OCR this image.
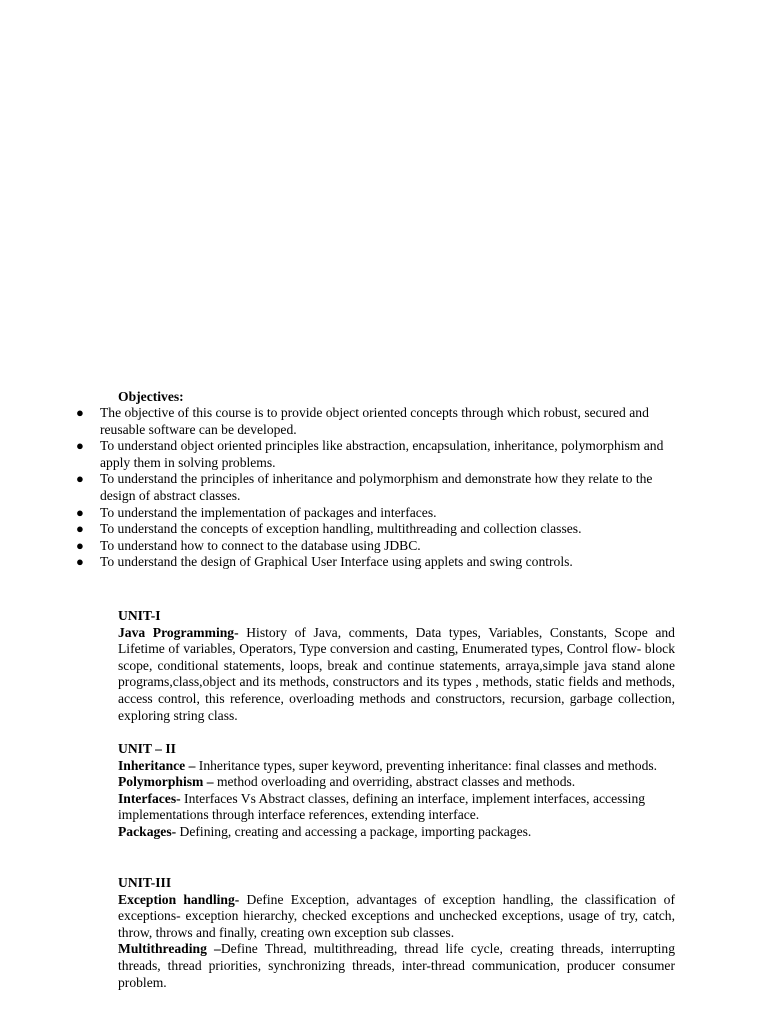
Objectives:
● The objective of this course is to provide object oriented concepts through which robust, secured and reusable software can be developed.
● To understand object oriented principles like abstraction, encapsulation, inheritance, polymorphism and apply them in solving problems.
● To understand the principles of inheritance and polymorphism and demonstrate how they relate to the design of abstract classes.
● To understand the implementation of packages and interfaces.
● To understand the concepts of exception handling, multithreading and collection classes.
● To understand how to connect to the database using JDBC.
● To understand the design of Graphical User Interface using applets and swing controls.

UNIT-I

Java Programming- History of Java, comments, Data types, Variables, Constants, Scope and Lifetime of variables, Operators, Type conversion and casting, Enumerated types, Control flow- block scope, conditional statements, loops, break and continue statements, arraya,simple java stand alone programs,class,object and its methods, constructors and its types , methods, static fields and methods, access control, this reference, overloading methods and constructors, recursion, garbage collection, exploring string class.

UNIT – II

Inheritance – Inheritance types, super keyword, preventing inheritance: final classes and methods.

Polymorphism – method overloading and overriding, abstract classes and methods.

Interfaces- Interfaces Vs Abstract classes, defining an interface, implement interfaces, accessing implementations through interface references, extending interface.

Packages- Defining, creating and accessing a package, importing packages.

UNIT-III

Exception handling- Define Exception, advantages of exception handling, the classification of exceptions- exception hierarchy, checked exceptions and unchecked exceptions, usage of try, catch, throw, throws and finally, creating own exception sub classes.

Multithreading –Define Thread, multithreading, thread life cycle, creating threads, interrupting threads, thread priorities, synchronizing threads, inter-thread communication, producer consumer problem.
